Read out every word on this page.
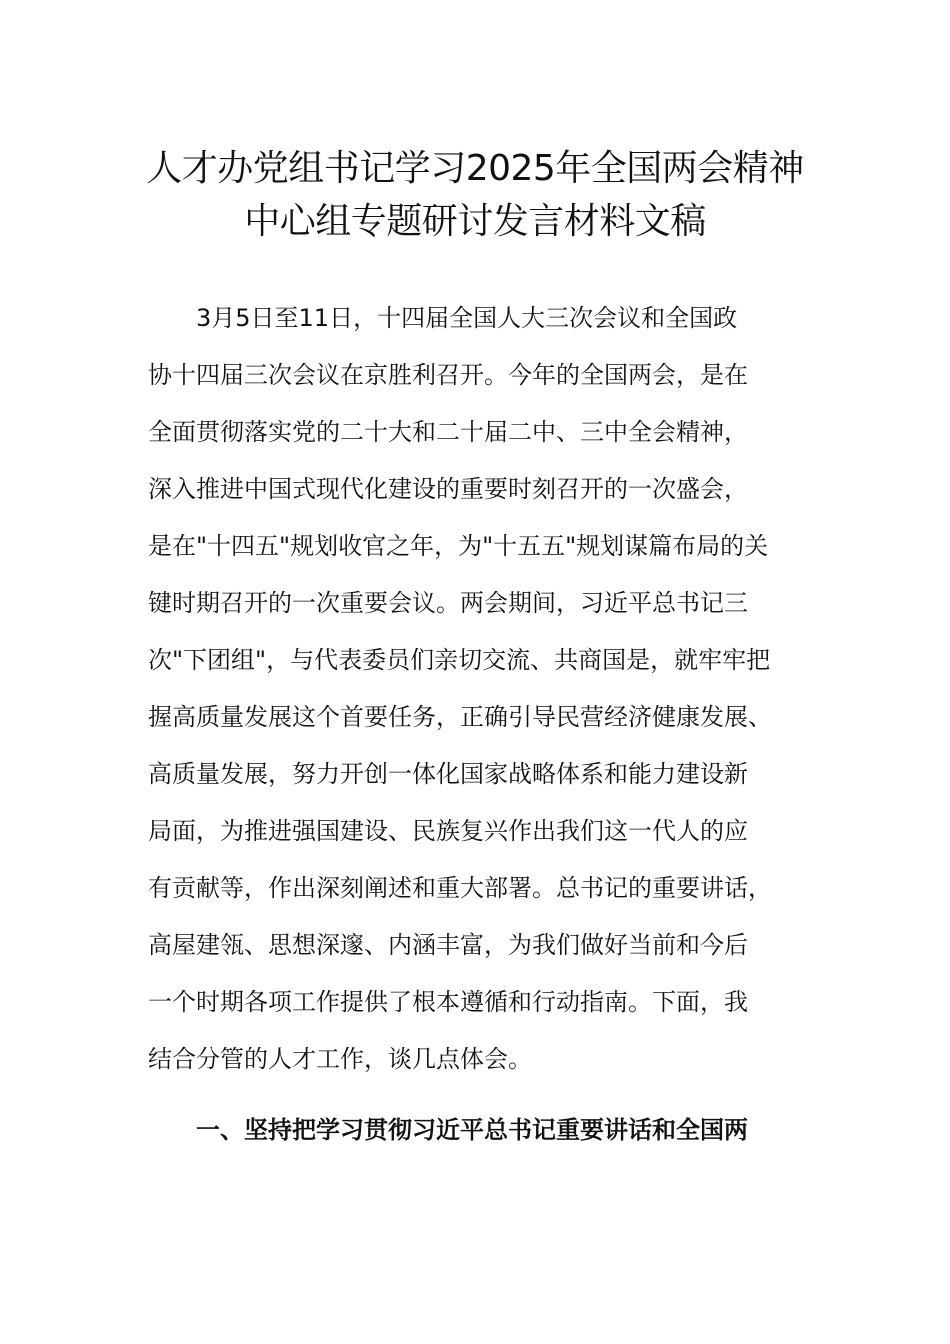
人才办党组书记学习2025年全国两会精神
中心组专题研讨发言材料文稿
3月5日至11日，十四届全国人大三次会议和全国政
协十四届三次会议在京胜利召开。今年的全国两会，是在
全面贯彻落实党的二十大和二十届二中、三中全会精神，
深入推进中国式现代化建设的重要时刻召开的一次盛会，
是在"十四五"规划收官之年，为"十五五"规划谋篇布局的关
键时期召开的一次重要会议。两会期间，习近平总书记三
次"下团组"，与代表委员们亲切交流、共商国是，就牢牢把
握高质量发展这个首要任务，正确引导民营经济健康发展、
高质量发展，努力开创一体化国家战略体系和能力建设新
局面，为推进强国建设、民族复兴作出我们这一代人的应
有贡献等，作出深刻阐述和重大部署。总书记的重要讲话，
高屋建瓴、思想深邃、内涵丰富，为我们做好当前和今后
一个时期各项工作提供了根本遵循和行动指南。下面，我
结合分管的人才工作，谈几点体会。
一、坚持把学习贯彻习近平总书记重要讲话和全国两
